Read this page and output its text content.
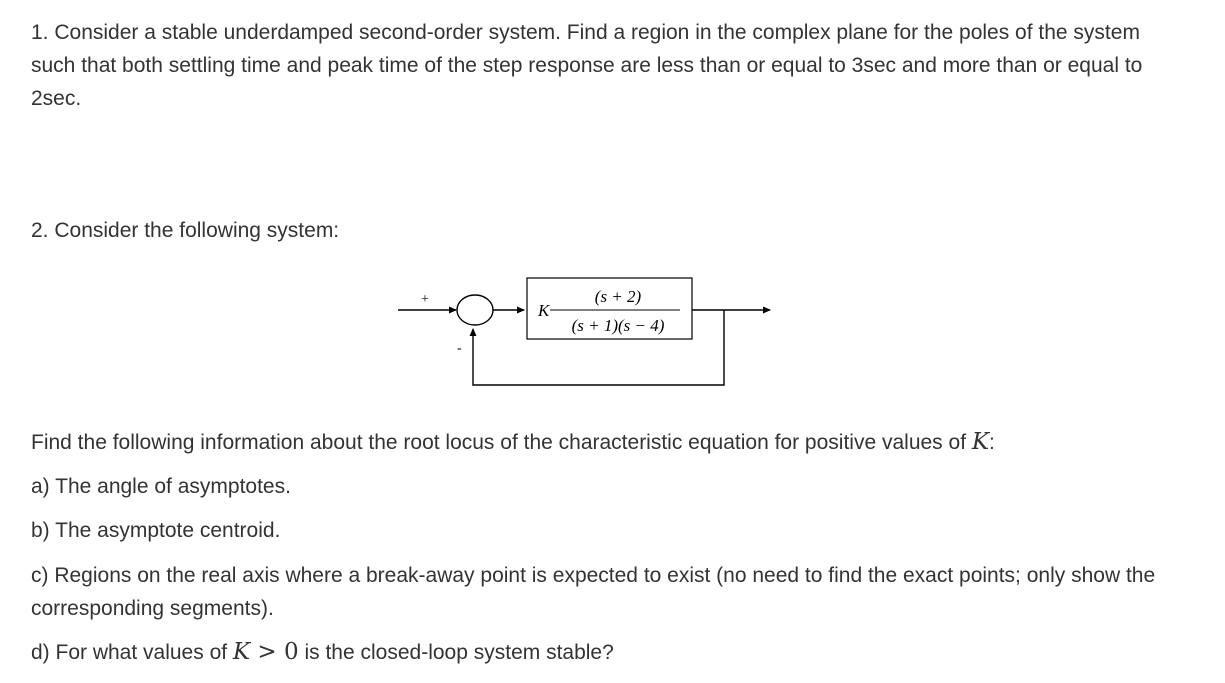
1. Consider a stable underdamped second-order system. Find a region in the complex plane for the poles of the system such that both settling time and peak time of the step response are less than or equal to 3sec and more than or equal to 2sec.

2. Consider the following system:

+
K
(s + 2)
(s + 1)(s − 4)
-

Find the following information about the root locus of the characteristic equation for positive values of K:

a) The angle of asymptotes.

b) The asymptote centroid.

c) Regions on the real axis where a break-away point is expected to exist (no need to find the exact points; only show the corresponding segments).

d) For what values of K > 0 is the closed-loop system stable?
